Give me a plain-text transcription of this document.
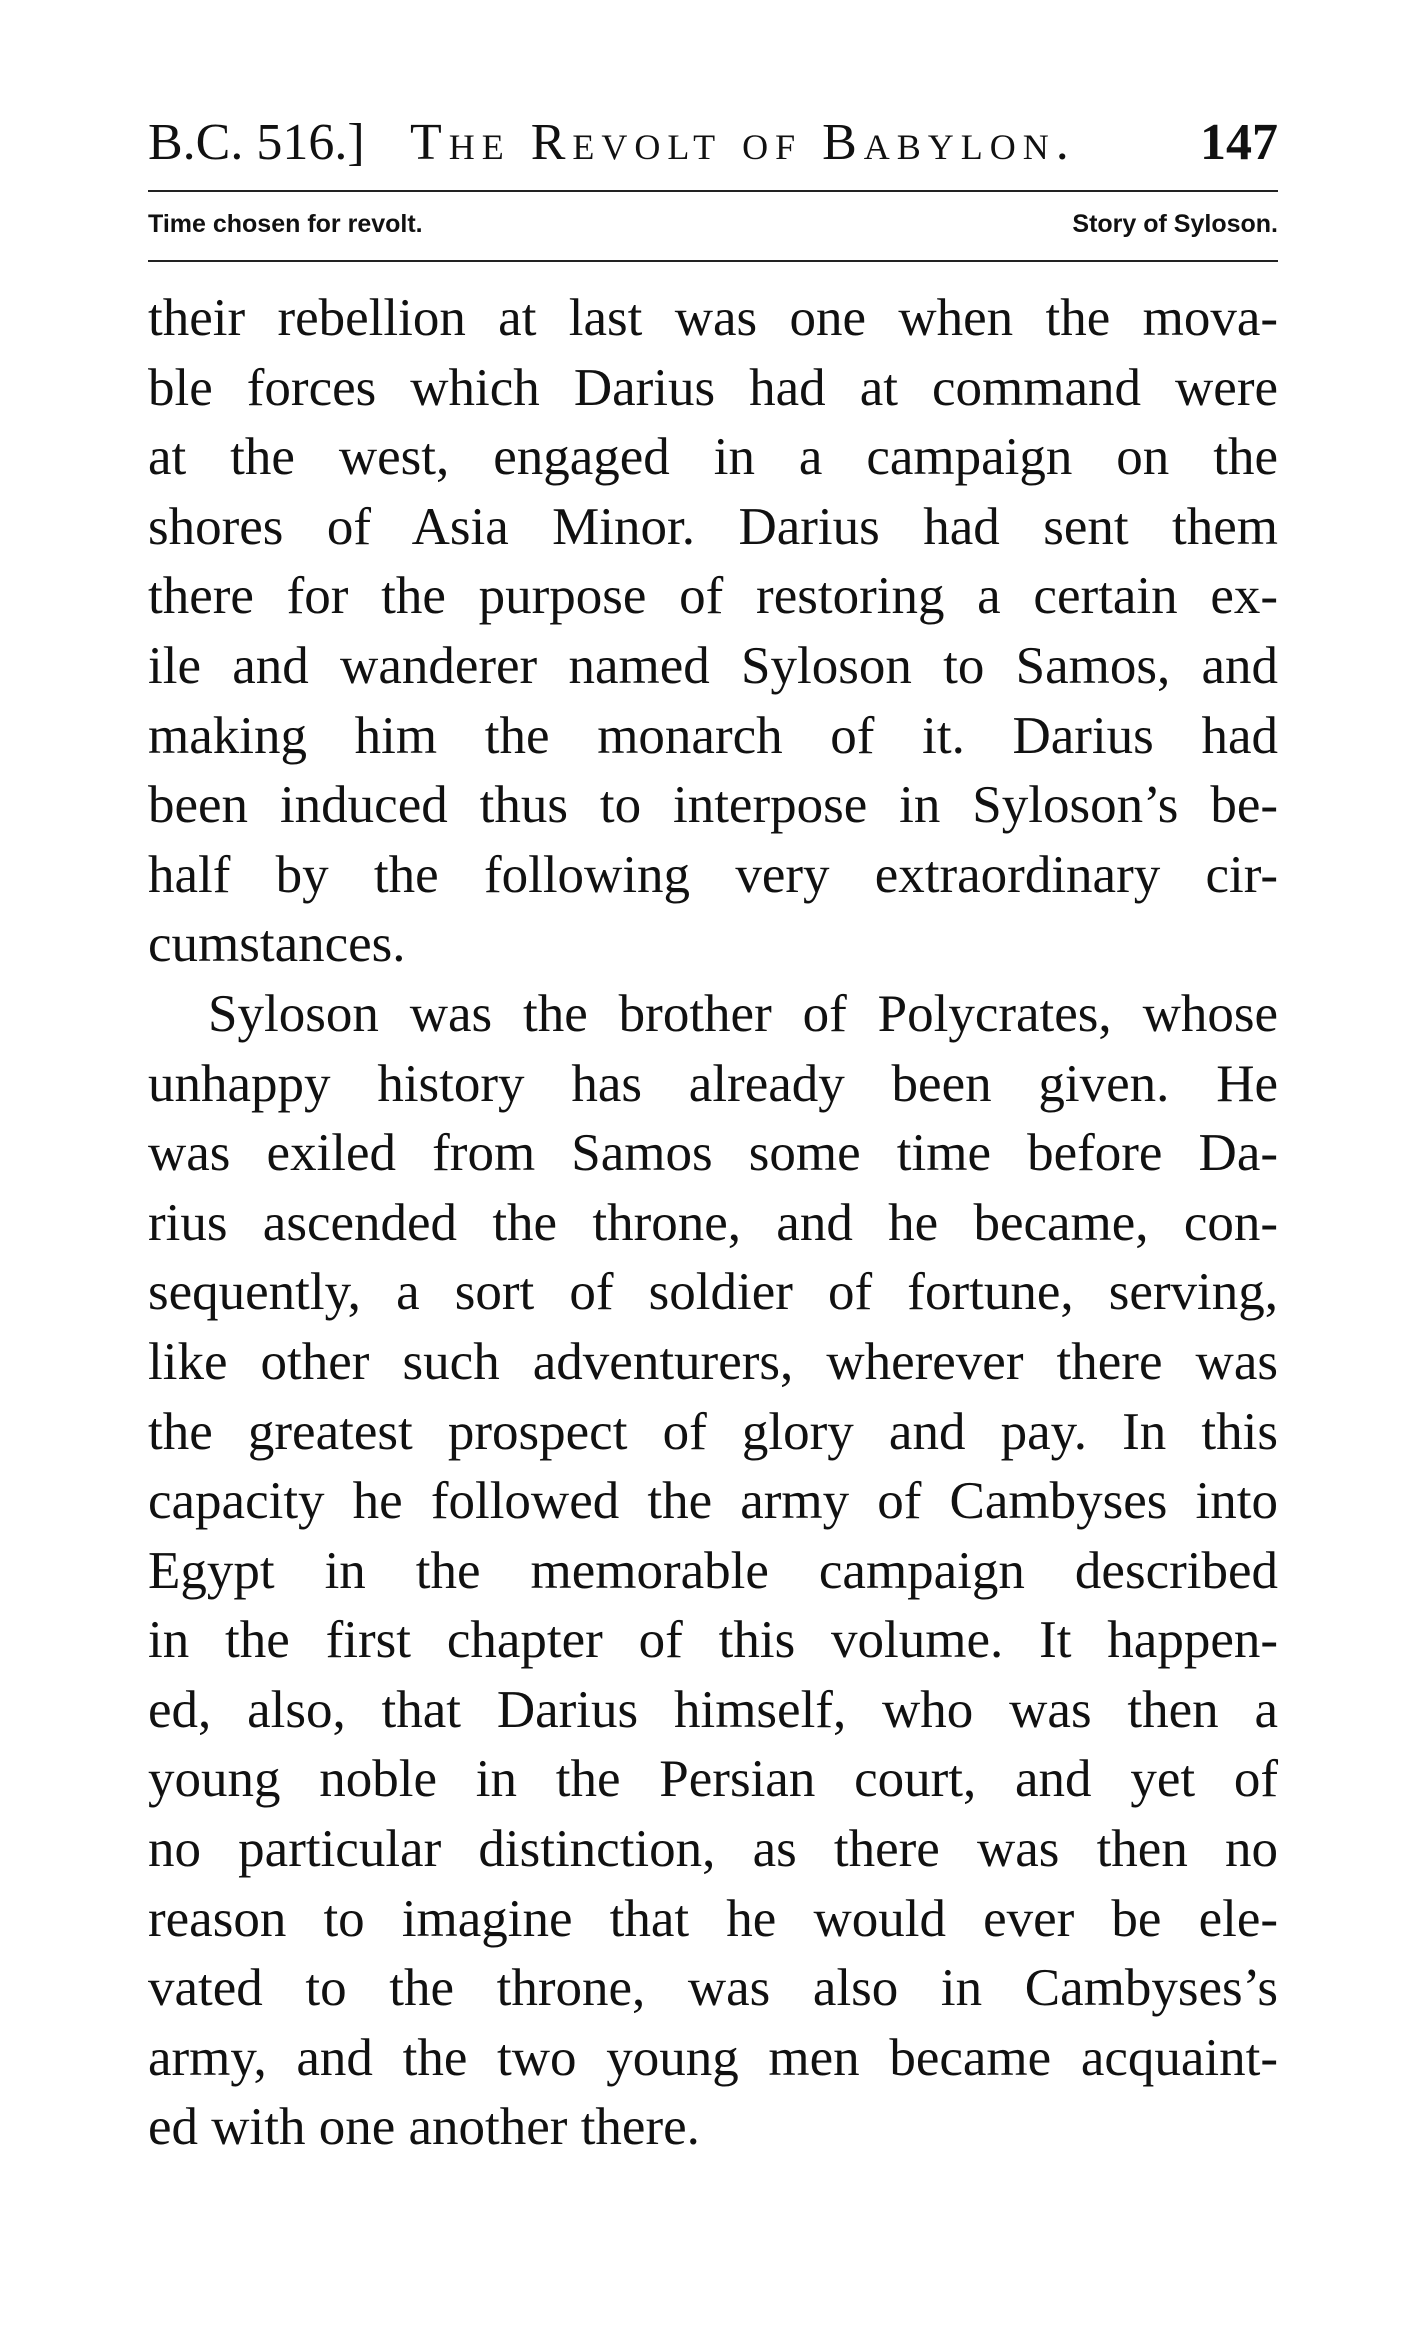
B.C. 516.] The Revolt of Babylon. 147
Time chosen for revolt.	Story of Syloson.
their rebellion at last was one when the mova-
ble forces which Darius had at command were
at the west, engaged in a campaign on the
shores of Asia Minor. Darius had sent them
there for the purpose of restoring a certain ex-
ile and wanderer named Syloson to Samos, and
making him the monarch of it. Darius had
been induced thus to interpose in Syloson’s be-
half by the following very extraordinary cir-
cumstances.
Syloson was the brother of Polycrates, whose
unhappy history has already been given. He
was exiled from Samos some time before Da-
rius ascended the throne, and he became, con-
sequently, a sort of soldier of fortune, serving,
like other such adventurers, wherever there was
the greatest prospect of glory and pay. In this
capacity he followed the army of Cambyses into
Egypt in the memorable campaign described
in the first chapter of this volume. It happen-
ed, also, that Darius himself, who was then a
young noble in the Persian court, and yet of
no particular distinction, as there was then no
reason to imagine that he would ever be ele-
vated to the throne, was also in Cambyses’s
army, and the two young men became acquaint-
ed with one another there.
